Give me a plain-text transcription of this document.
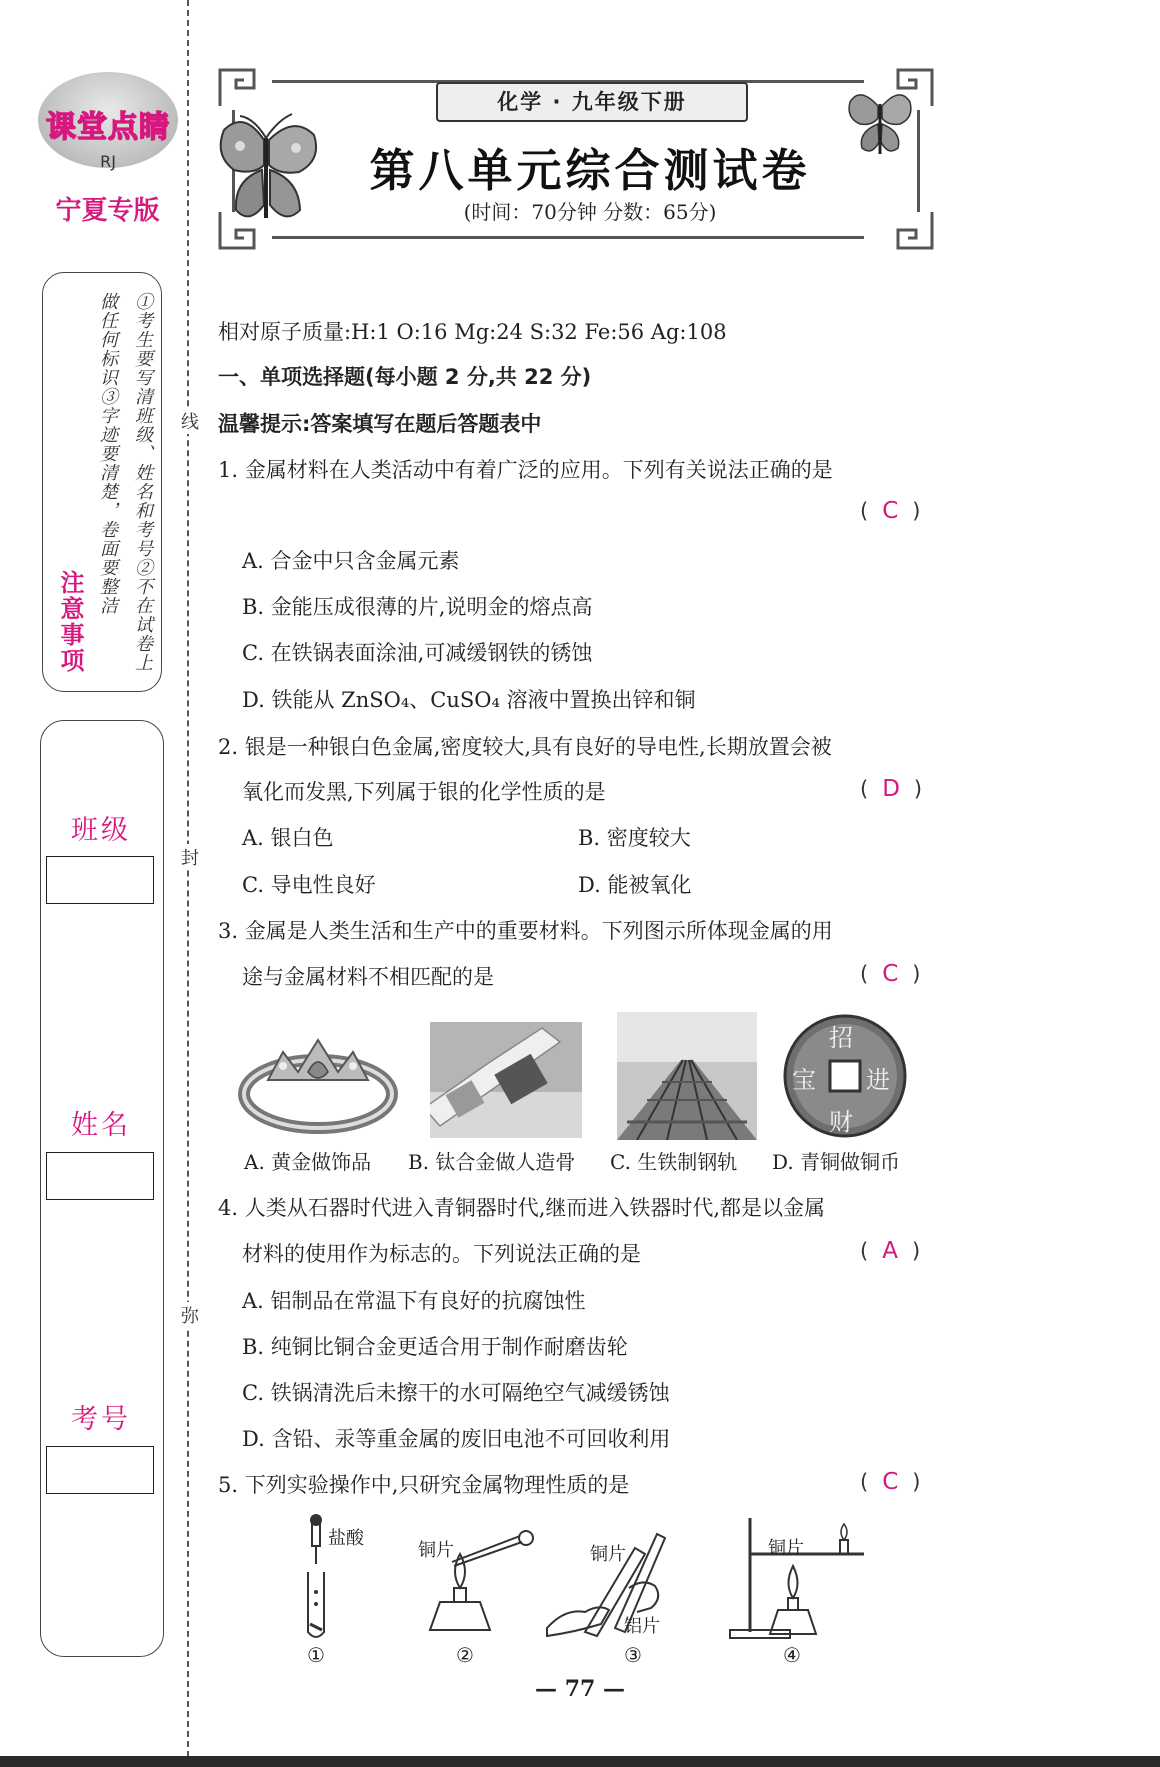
课堂点睛
RJ
宁夏专版
①考生要写清班级、姓名和考号②不在试卷上做任何标识③字迹要清楚，卷面要整洁
注意事项
班级
姓名
考号
线
封
弥
化学 · 九年级下册
第八单元综合测试卷
(时间：70分钟 分数：65分)
相对原子质量:H:1 O:16 Mg:24 S:32 Fe:56 Ag:108
一、单项选择题(每小题 2 分,共 22 分)
温馨提示:答案填写在题后答题表中
1. 金属材料在人类活动中有着广泛的应用。下列有关说法正确的是
( C )
A. 合金中只含金属元素
B. 金能压成很薄的片,说明金的熔点高
C. 在铁锅表面涂油,可减缓钢铁的锈蚀
D. 铁能从 ZnSO₄、CuSO₄ 溶液中置换出锌和铜
2. 银是一种银白色金属,密度较大,具有良好的导电性,长期放置会被
氧化而发黑,下列属于银的化学性质的是	( D )
A. 银白色	B. 密度较大
C. 导电性良好	D. 能被氧化
3. 金属是人类生活和生产中的重要材料。下列图示所体现金属的用
途与金属材料不相匹配的是	( C )
招
宝 进
财
A. 黄金做饰品 B. 钛合金做人造骨 C. 生铁制钢轨 D. 青铜做铜币
4. 人类从石器时代进入青铜器时代,继而进入铁器时代,都是以金属
材料的使用作为标志的。下列说法正确的是	( A )
A. 铝制品在常温下有良好的抗腐蚀性
B. 纯铜比铜合金更适合用于制作耐磨齿轮
C. 铁锅清洗后未擦干的水可隔绝空气减缓锈蚀
D. 含铅、汞等重金属的废旧电池不可回收利用
5. 下列实验操作中,只研究金属物理性质的是	( C )
盐酸
①
铜片
②
铜片
铝片
③
铜片
④
— 77 —
